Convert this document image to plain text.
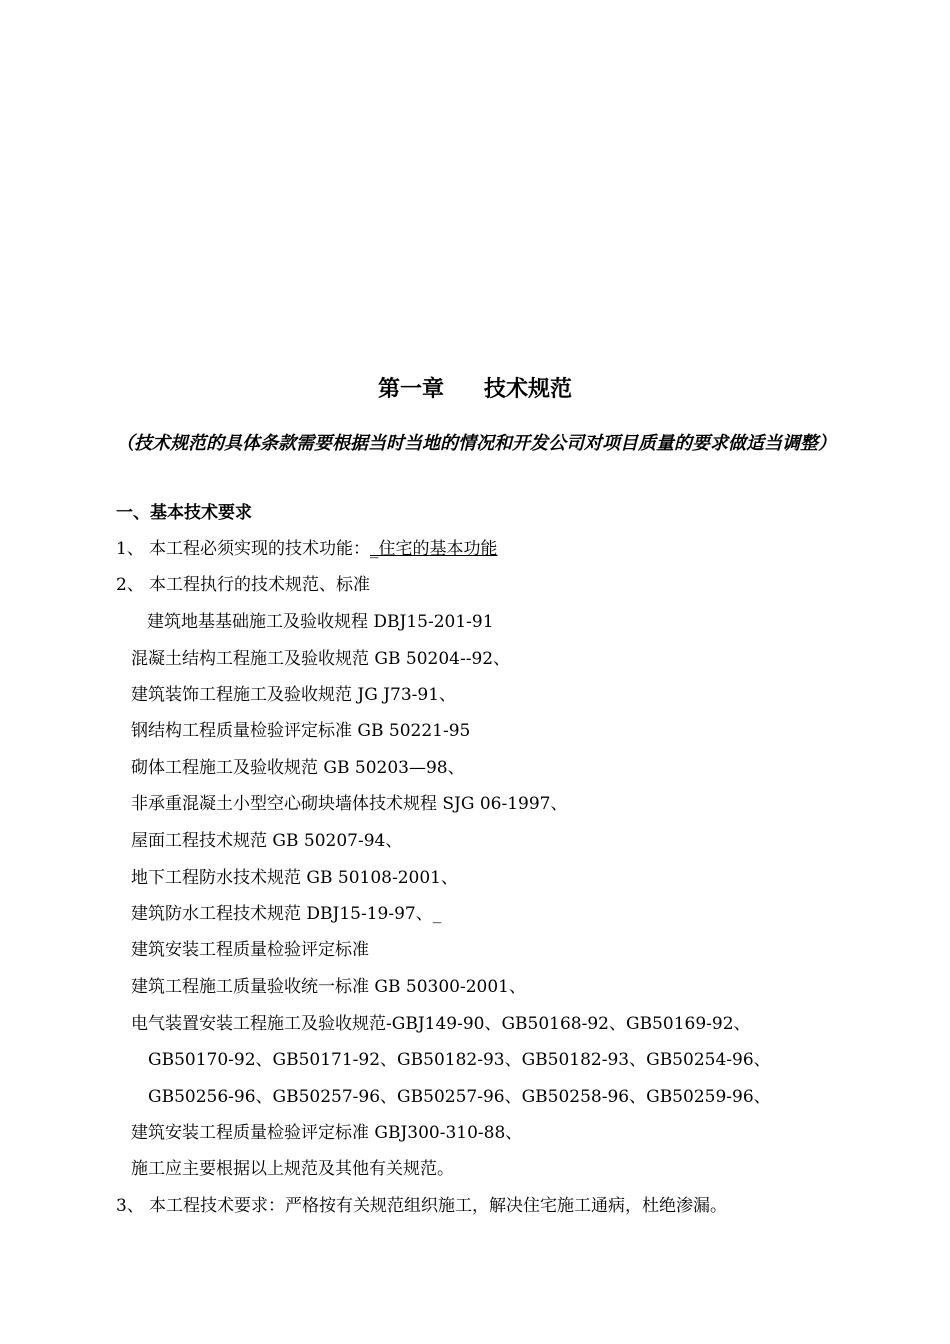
第一章 技术规范
（技术规范的具体条款需要根据当时当地的情况和开发公司对项目质量的要求做适当调整）
一、基本技术要求
1、 本工程必须实现的技术功能：_住宅的基本功能
2、 本工程执行的技术规范、标准
建筑地基基础施工及验收规程 DBJ15-201-91
混凝土结构工程施工及验收规范 GB 50204--92、
建筑装饰工程施工及验收规范 JG J73-91、
钢结构工程质量检验评定标准 GB 50221-95
砌体工程施工及验收规范 GB 50203—98、
非承重混凝土小型空心砌块墙体技术规程 SJG 06-1997、
屋面工程技术规范 GB 50207-94、
地下工程防水技术规范 GB 50108-2001、
建筑防水工程技术规范 DBJ15-19-97、_
建筑安装工程质量检验评定标准
建筑工程施工质量验收统一标准 GB 50300-2001、
电气装置安装工程施工及验收规范-GBJ149-90、GB50168-92、GB50169-92、
GB50170-92、GB50171-92、GB50182-93、GB50182-93、GB50254-96、
GB50256-96、GB50257-96、GB50257-96、GB50258-96、GB50259-96、
建筑安装工程质量检验评定标准 GBJ300-310-88、
施工应主要根据以上规范及其他有关规范。
3、 本工程技术要求：严格按有关规范组织施工，解决住宅施工通病，杜绝渗漏。
